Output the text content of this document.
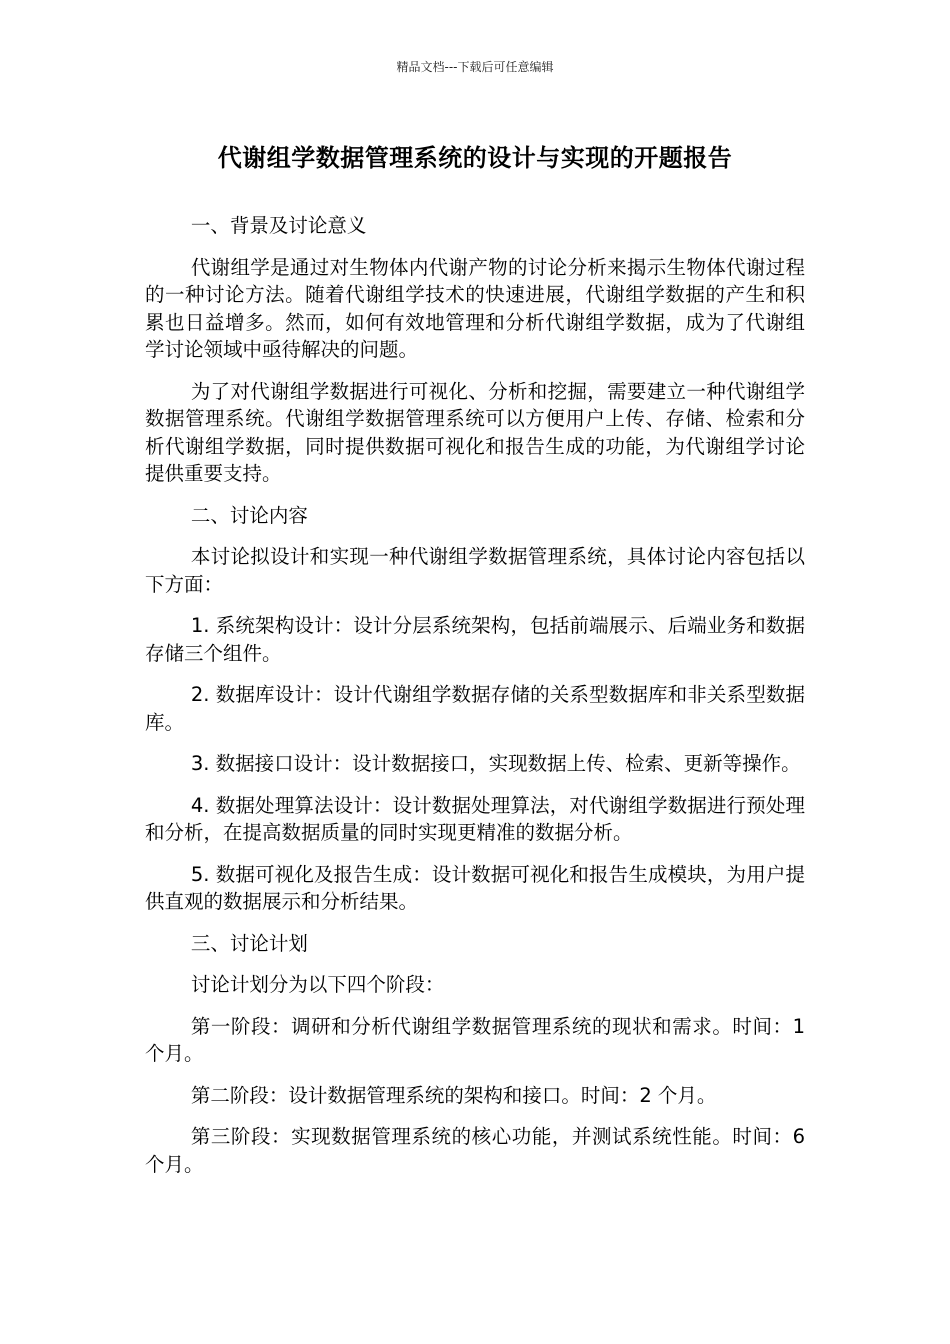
精品文档---下载后可任意编辑
代谢组学数据管理系统的设计与实现的开题报告

一、背景及讨论意义

代谢组学是通过对生物体内代谢产物的讨论分析来揭示生物体代谢过程的一种讨论方法。随着代谢组学技术的快速进展，代谢组学数据的产生和积累也日益增多。然而，如何有效地管理和分析代谢组学数据，成为了代谢组学讨论领域中亟待解决的问题。

为了对代谢组学数据进行可视化、分析和挖掘，需要建立一种代谢组学数据管理系统。代谢组学数据管理系统可以方便用户上传、存储、检索和分析代谢组学数据，同时提供数据可视化和报告生成的功能，为代谢组学讨论提供重要支持。

二、讨论内容

本讨论拟设计和实现一种代谢组学数据管理系统，具体讨论内容包括以下方面：

1. 系统架构设计：设计分层系统架构，包括前端展示、后端业务和数据存储三个组件。

2. 数据库设计：设计代谢组学数据存储的关系型数据库和非关系型数据库。

3. 数据接口设计：设计数据接口，实现数据上传、检索、更新等操作。

4. 数据处理算法设计：设计数据处理算法，对代谢组学数据进行预处理和分析，在提高数据质量的同时实现更精准的数据分析。

5. 数据可视化及报告生成：设计数据可视化和报告生成模块，为用户提供直观的数据展示和分析结果。

三、讨论计划

讨论计划分为以下四个阶段：

第一阶段：调研和分析代谢组学数据管理系统的现状和需求。时间：1 个月。

第二阶段：设计数据管理系统的架构和接口。时间：2 个月。

第三阶段：实现数据管理系统的核心功能，并测试系统性能。时间：6 个月。
